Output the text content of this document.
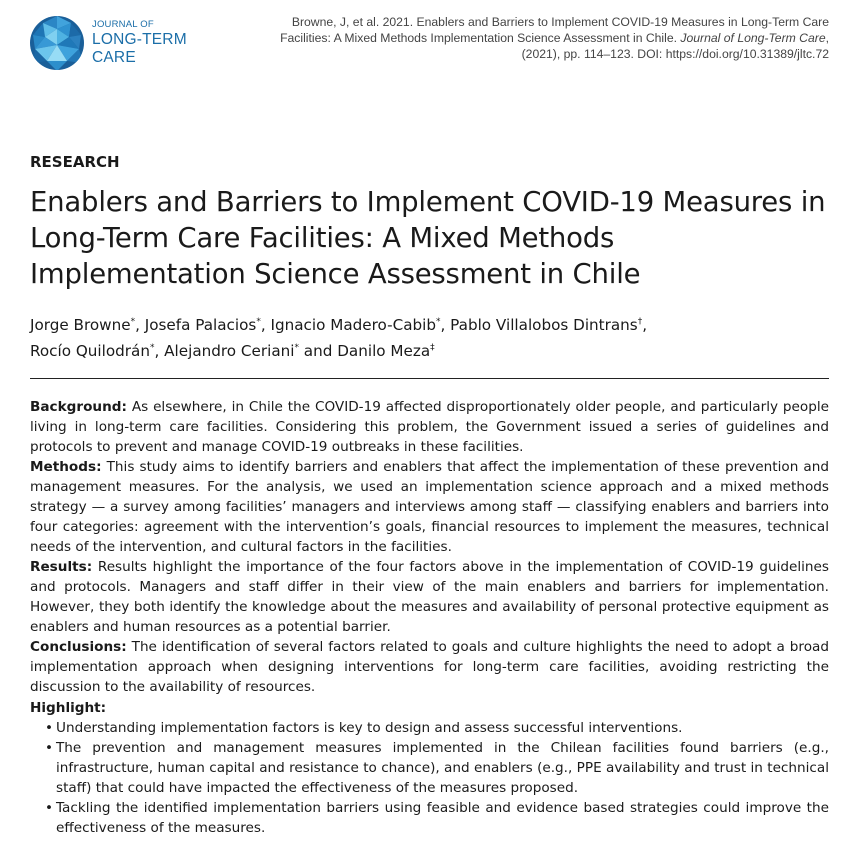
JOURNAL OF
LONG-TERM CARE
Browne, J, et al. 2021. Enablers and Barriers to Implement COVID-19 Measures in Long-Term Care Facilities: A Mixed Methods Implementation Science Assessment in Chile. Journal of Long-Term Care, (2021), pp. 114–123. DOI: https://doi.org/10.31389/jltc.72
RESEARCH
Enablers and Barriers to Implement COVID-19 Measures in Long-Term Care Facilities: A Mixed Methods Implementation Science Assessment in Chile
Jorge Browne*, Josefa Palacios*, Ignacio Madero-Cabib*, Pablo Villalobos Dintrans†,
Rocío Quilodrán*, Alejandro Ceriani* and Danilo Meza‡

Background: As elsewhere, in Chile the COVID-19 affected disproportionately older people, and particularly people living in long-term care facilities. Considering this problem, the Government issued a series of guidelines and protocols to prevent and manage COVID-19 outbreaks in these facilities.

Methods: This study aims to identify barriers and enablers that affect the implementation of these prevention and management measures. For the analysis, we used an implementation science approach and a mixed methods strategy — a survey among facilities’ managers and interviews among staff — classifying enablers and barriers into four categories: agreement with the intervention’s goals, financial resources to implement the measures, technical needs of the intervention, and cultural factors in the facilities.

Results: Results highlight the importance of the four factors above in the implementation of COVID-19 guidelines and protocols. Managers and staff differ in their view of the main enablers and barriers for implementation. However, they both identify the knowledge about the measures and availability of personal protective equipment as enablers and human resources as a potential barrier.

Conclusions: The identification of several factors related to goals and culture highlights the need to adopt a broad implementation approach when designing interventions for long-term care facilities, avoiding restricting the discussion to the availability of resources.

Highlight:
• Understanding implementation factors is key to design and assess successful interventions.
• The prevention and management measures implemented in the Chilean facilities found barriers (e.g., infrastructure, human capital and resistance to chance), and enablers (e.g., PPE availability and trust in technical staff) that could have impacted the effectiveness of the measures proposed.
• Tackling the identified implementation barriers using feasible and evidence based strategies could improve the effectiveness of the measures.
